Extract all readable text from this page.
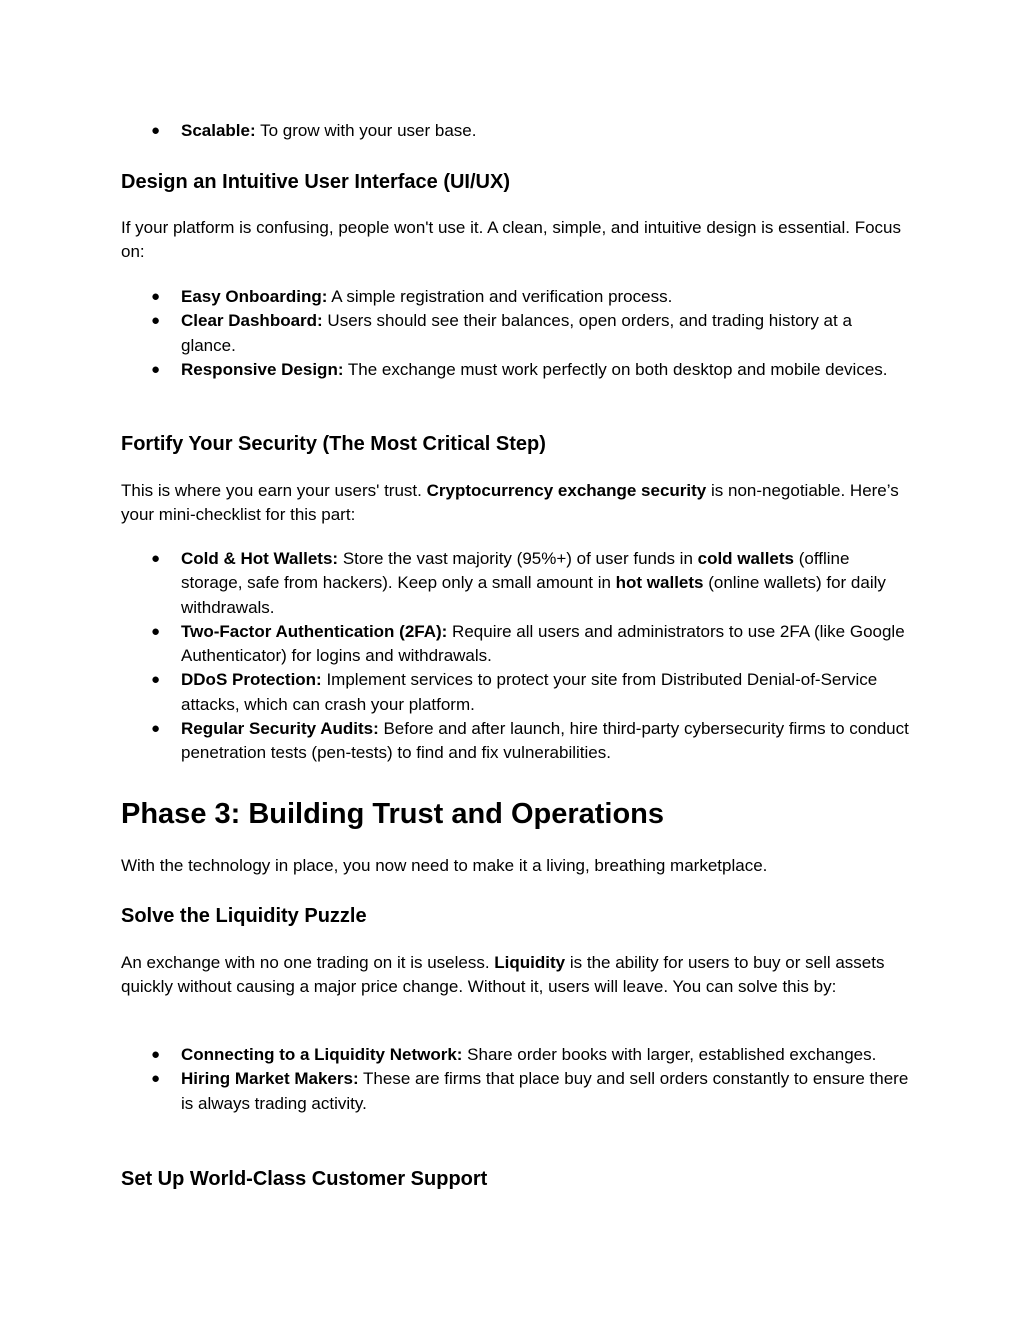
● Scalable: To grow with your user base.
Design an Intuitive User Interface (UI/UX)

If your platform is confusing, people won't use it. A clean, simple, and intuitive design is essential. Focus on:

● Easy Onboarding: A simple registration and verification process.
● Clear Dashboard: Users should see their balances, open orders, and trading history at a glance.
● Responsive Design: The exchange must work perfectly on both desktop and mobile devices.
Fortify Your Security (The Most Critical Step)

This is where you earn your users' trust. Cryptocurrency exchange security is non-negotiable. Here’s your mini-checklist for this part:

● Cold & Hot Wallets: Store the vast majority (95%+) of user funds in cold wallets (offline storage, safe from hackers). Keep only a small amount in hot wallets (online wallets) for daily withdrawals.
● Two-Factor Authentication (2FA): Require all users and administrators to use 2FA (like Google Authenticator) for logins and withdrawals.
● DDoS Protection: Implement services to protect your site from Distributed Denial-of-Service attacks, which can crash your platform.
● Regular Security Audits: Before and after launch, hire third-party cybersecurity firms to conduct penetration tests (pen-tests) to find and fix vulnerabilities.
Phase 3: Building Trust and Operations

With the technology in place, you now need to make it a living, breathing marketplace.

Solve the Liquidity Puzzle

An exchange with no one trading on it is useless. Liquidity is the ability for users to buy or sell assets quickly without causing a major price change. Without it, users will leave. You can solve this by:

● Connecting to a Liquidity Network: Share order books with larger, established exchanges.
● Hiring Market Makers: These are firms that place buy and sell orders constantly to ensure there is always trading activity.
Set Up World-Class Customer Support
